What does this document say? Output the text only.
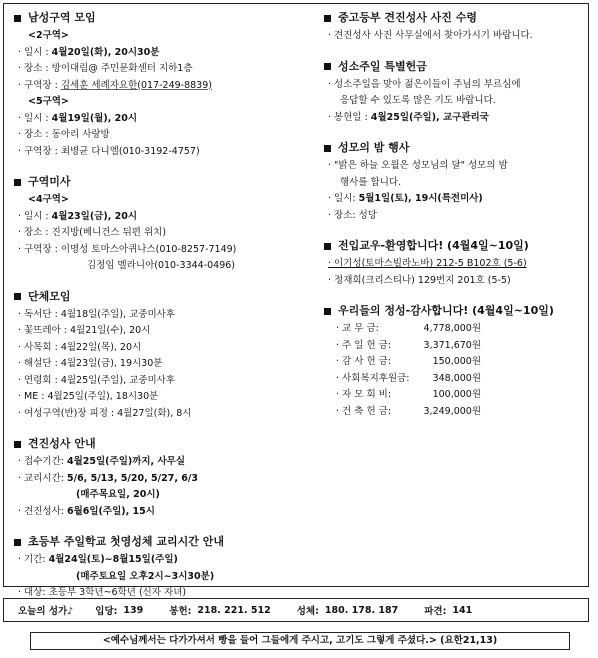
남성구역 모임
<2구역>
· 일시 : 4월20일(화), 20시30분
· 장소 : 방이대림@ 주민문화센터 지하1층
· 구역장 : 김세훈 세례자요한(017-249-8839)
<5구역>
· 일시 : 4월19일(월), 20시
· 장소 : 동아리 사랑방
· 구역장 : 최병균 다니엘(010-3192-4757)
구역미사
<4구역>
· 일시 : 4월23일(금), 20시
· 장소 : 진지방(베니건스 뒤편 위치)
· 구역장 : 이명성 토마스아퀴나스(010-8257-7149)
김정임 멜라니아(010-3344-0496)
단체모임
· 독서단 : 4월18일(주일), 교중미사후
· 꽃뜨레아 : 4월21일(수), 20시
· 사목회 : 4월22일(목), 20시
· 해설단 : 4월23일(금), 19시30분
· 연령회 : 4월25일(주일), 교중미사후
· ME : 4월25일(주일), 18시30분
· 여성구역(반)장 피정 : 4월27일(화), 8시
견진성사 안내
· 접수기간: 4월25일(주일)까지, 사무실
· 교리시간: 5/6, 5/13, 5/20, 5/27, 6/3
(매주목요일, 20시)
· 견진성사: 6월6일(주일), 15시
초등부 주일학교 첫영성체 교리시간 안내
· 기간: 4월24일(토)~8월15일(주일)
(매주토요일 오후2시~3시30분)
· 대상: 초등부 3학년~6학년 (신자 자녀)
중고등부 견진성사 사진 수령
· 견진성사 사진 사무실에서 찾아가시기 바랍니다.
성소주일 특별헌금
· 성소주일을 맞아 젊은이들이 주님의 부르심에
응답할 수 있도록 많은 기도 바랍니다.
· 봉헌일 : 4월25일(주일), 교구관리국
성모의 밤 행사
· "밝은 하늘 오월은 성모님의 달" 성모의 밤
행사를 합니다.
· 일시: 5월1일(토), 19시(특전미사)
· 장소: 성당
전입교우-환영합니다! (4월4일~10일)
· 이기성(토마스빌라노바) 212-5 B102호 (5-6)
· 정재희(크리스티나) 129번지 201호 (5-5)
우리들의 정성-감사합니다! (4월4일~10일)
· 교 무 금:	4,778,000원
· 주 일 헌 금:	3,371,670원
· 감 사 헌 금:	150,000원
· 사회복지후원금:	348,000원
· 자 모 회 비:	100,000원
· 건 축 헌 금:	3,249,000원
오늘의 성가♪ 입당: 139	봉헌: 218. 221. 512	성체: 180. 178. 187	파견: 141
<예수님께서는 다가가셔서 빵을 들어 그들에게 주시고, 고기도 그렇게 주셨다.> (요한21,13)
